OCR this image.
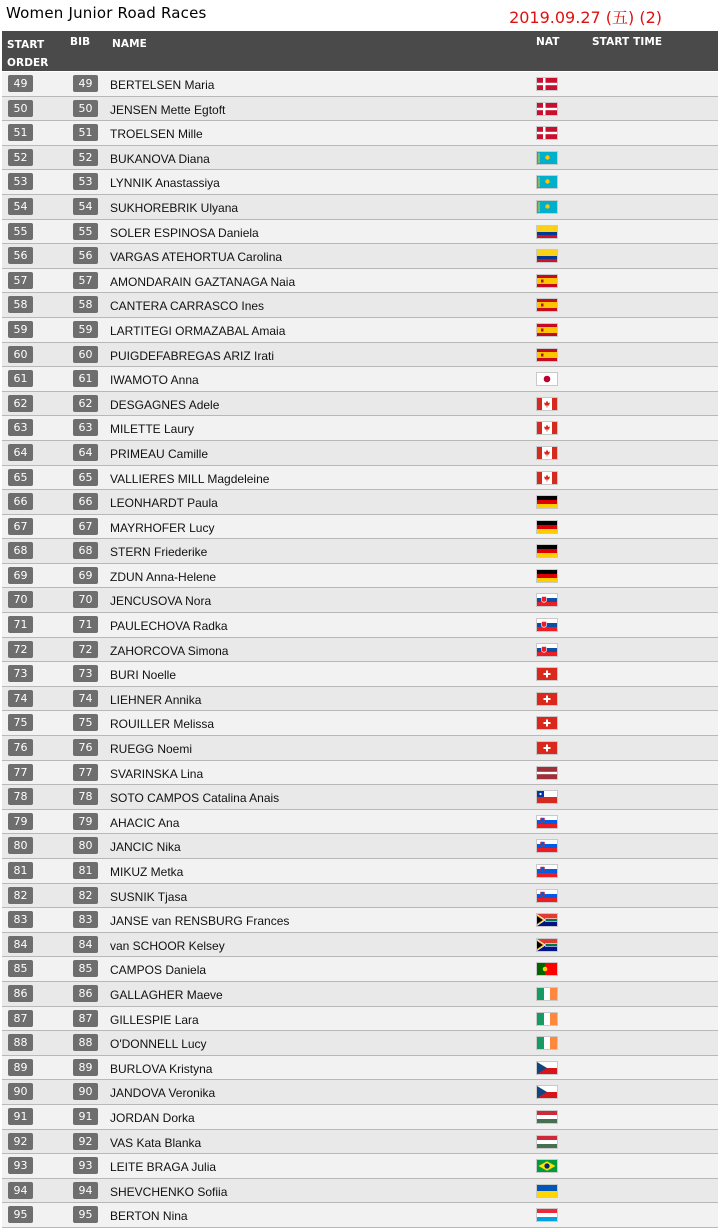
Women Junior Road Races	2019.09.27 (五) (2)
START ORDER
BIB NAME	NAT	START TIME
49	49	BERTELSEN Maria
50	50	JENSEN Mette Egtoft
51	51	TROELSEN Mille
52	52	BUKANOVA Diana
53	53	LYNNIK Anastassiya
54	54	SUKHOREBRIK Ulyana
55	55	SOLER ESPINOSA Daniela
56	56	VARGAS ATEHORTUA Carolina
57	57	AMONDARAIN GAZTANAGA Naia
58	58	CANTERA CARRASCO Ines
59	59	LARTITEGI ORMAZABAL Amaia
60	60	PUIGDEFABREGAS ARIZ Irati
61	61	IWAMOTO Anna
62	62	DESGAGNES Adele
63	63	MILETTE Laury
64	64	PRIMEAU Camille
65	65	VALLIERES MILL Magdeleine
66	66	LEONHARDT Paula
67	67	MAYRHOFER Lucy
68	68	STERN Friederike
69	69	ZDUN Anna-Helene
70	70	JENCUSOVA Nora
71	71	PAULECHOVA Radka
72	72	ZAHORCOVA Simona
73	73	BURI Noelle
74	74	LIEHNER Annika
75	75	ROUILLER Melissa
76	76	RUEGG Noemi
77	77	SVARINSKA Lina
78	78	SOTO CAMPOS Catalina Anais
79	79	AHACIC Ana
80	80	JANCIC Nika
81	81	MIKUZ Metka
82	82	SUSNIK Tjasa
83	83	JANSE van RENSBURG Frances
84	84	van SCHOOR Kelsey
85	85	CAMPOS Daniela
86	86	GALLAGHER Maeve
87	87	GILLESPIE Lara
88	88	O'DONNELL Lucy
89	89	BURLOVA Kristyna
90	90	JANDOVA Veronika
91	91	JORDAN Dorka
92	92	VAS Kata Blanka
93	93	LEITE BRAGA Julia
94	94	SHEVCHENKO Sofiia
95	95	BERTON Nina
